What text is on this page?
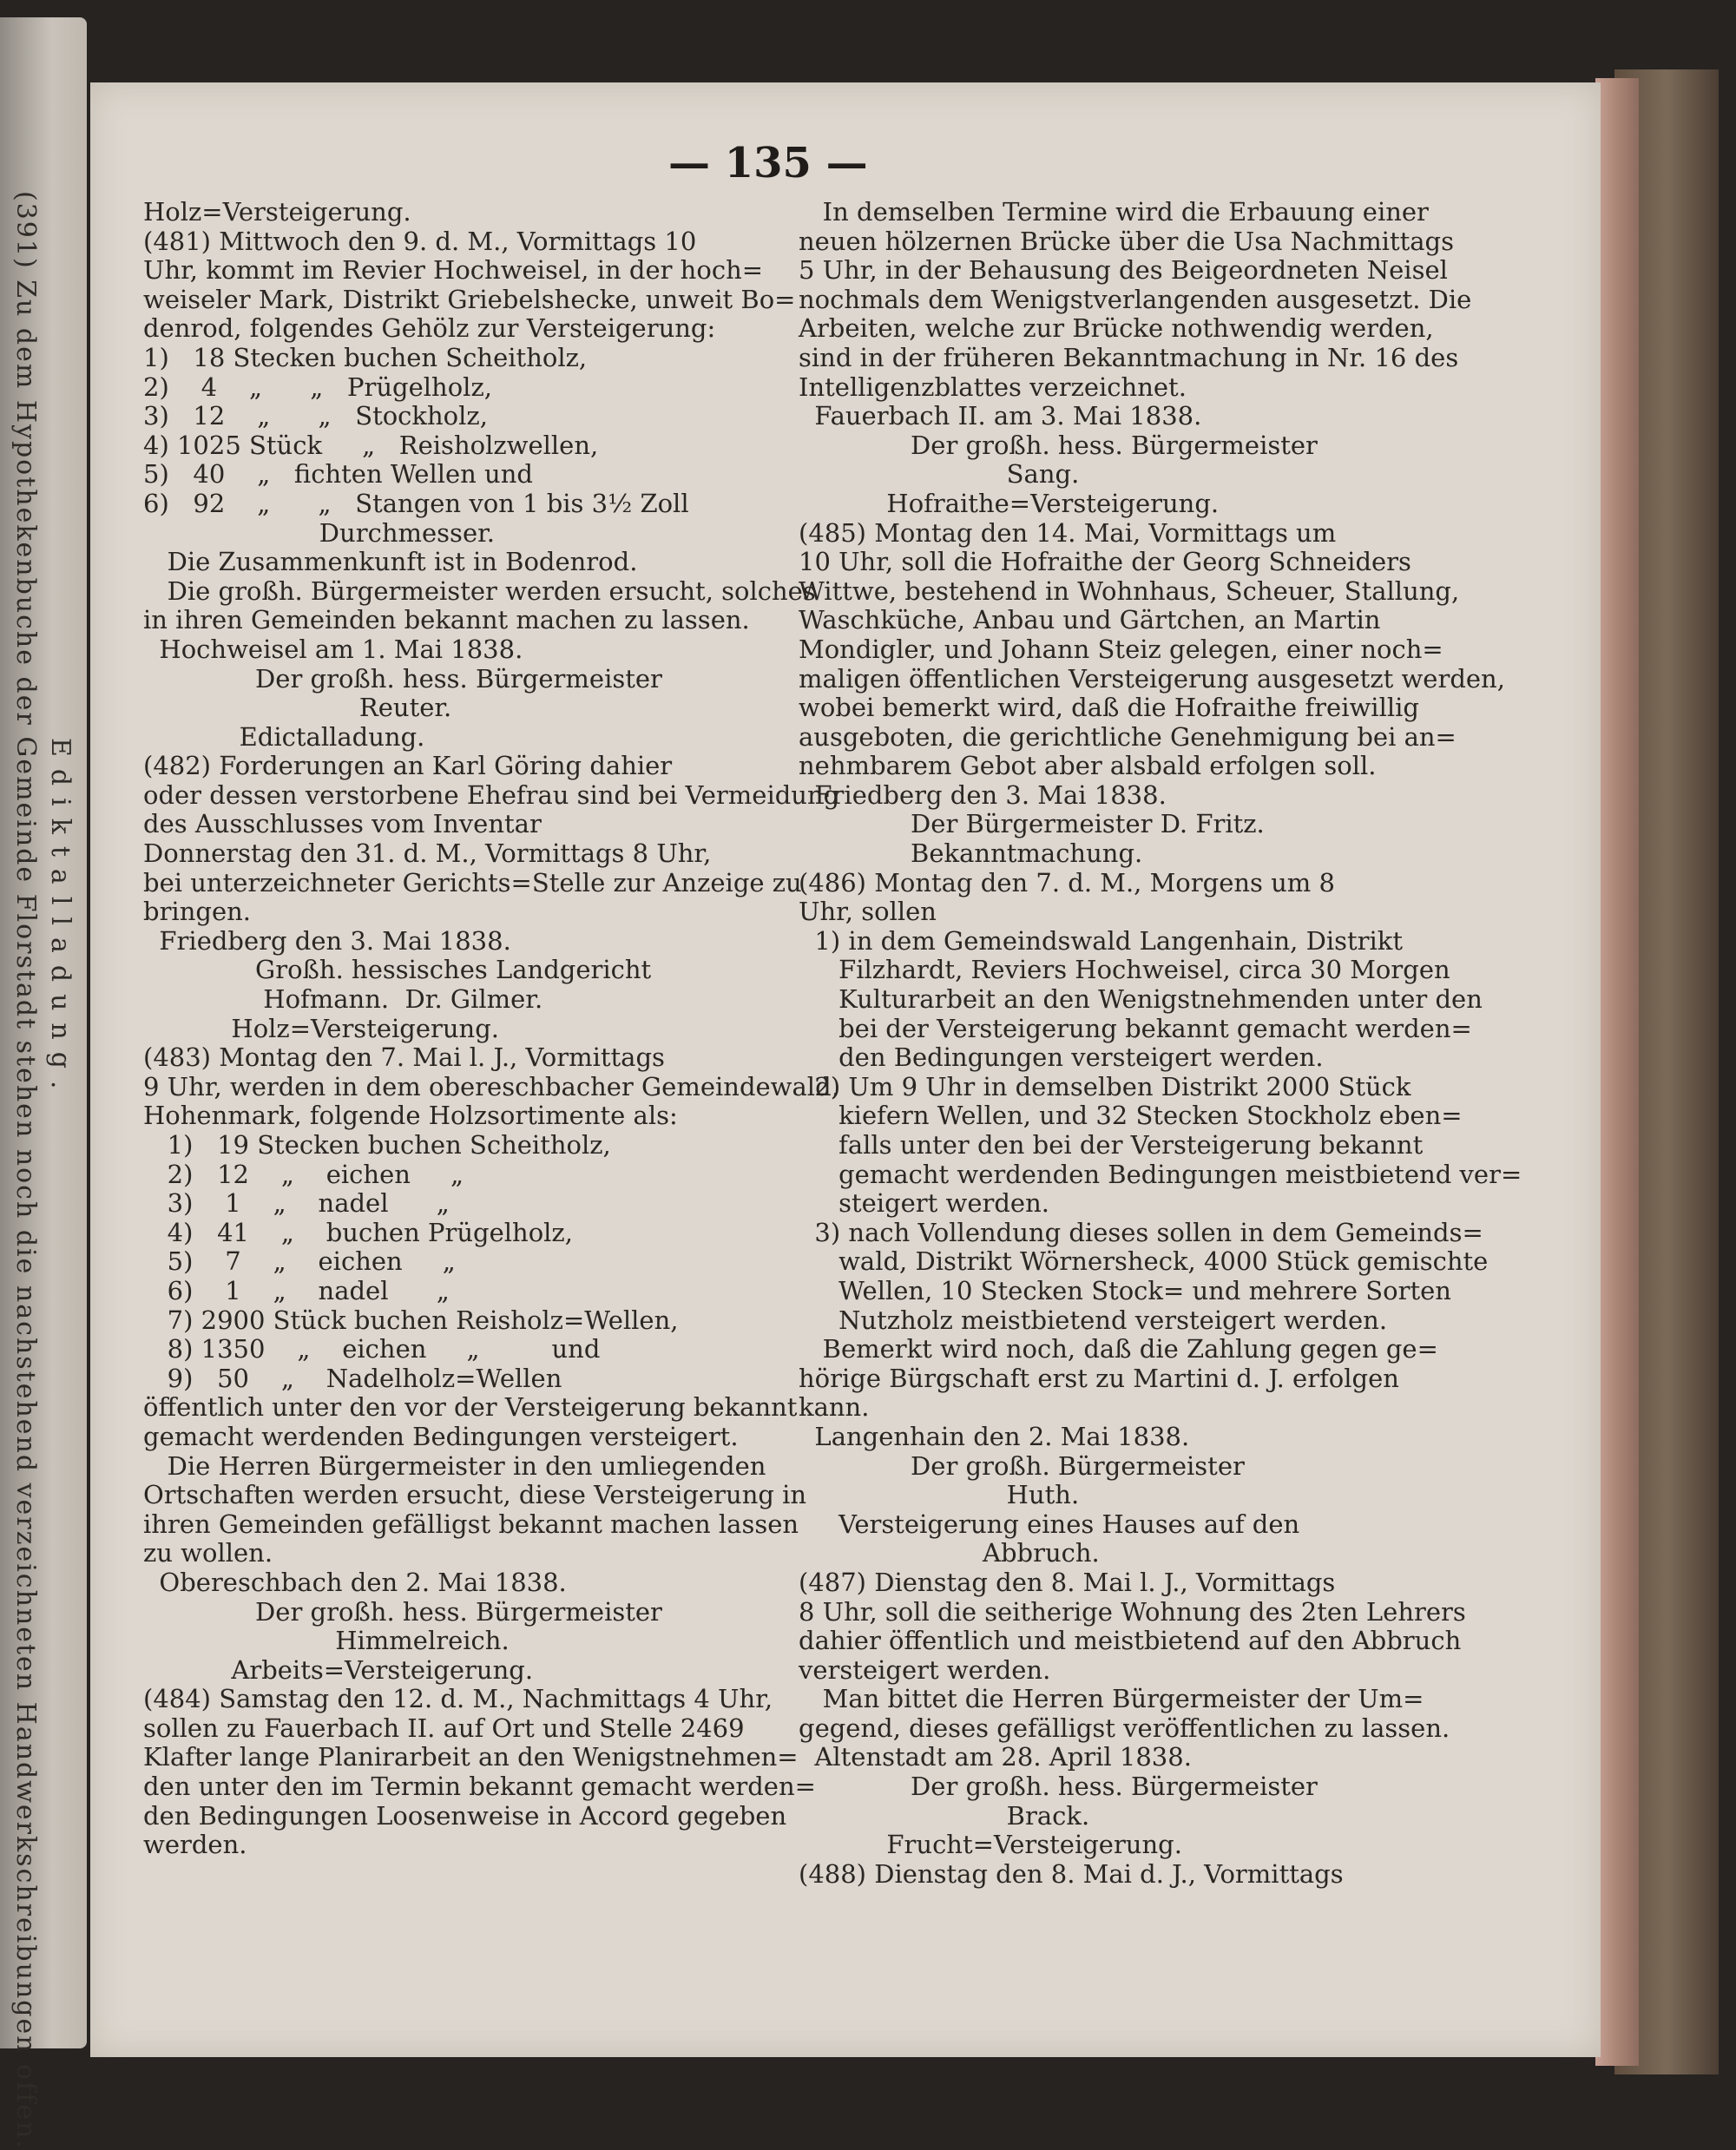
(391) Zu dem Hypothekenbuche der Gemeinde Florstadt stehen noch die nachstehend verzeichneten Handwerkschreibungen offen. Ediktalladung.
— 135 —

Holz=Versteigerung.

(481) Mittwoch den 9. d. M., Vormittags 10

Uhr, kommt im Revier Hochweisel, in der hoch=

weiseler Mark, Distrikt Griebelshecke, unweit Bo=

denrod, folgendes Gehölz zur Versteigerung:

1)   18 Stecken buchen Scheitholz,

2)    4    „      „   Prügelholz,

3)   12    „      „   Stockholz,

4) 1025 Stück     „   Reisholzwellen,

5)   40    „   fichten Wellen und

6)   92    „      „   Stangen von 1 bis 3½ Zoll

Durchmesser.

Die Zusammenkunft ist in Bodenrod.

Die großh. Bürgermeister werden ersucht, solches

in ihren Gemeinden bekannt machen zu lassen.

Hochweisel am 1. Mai 1838.

Der großh. hess. Bürgermeister

Reuter.

Edictalladung.

(482) Forderungen an Karl Göring dahier

oder dessen verstorbene Ehefrau sind bei Vermeidung

des Ausschlusses vom Inventar

Donnerstag den 31. d. M., Vormittags 8 Uhr,

bei unterzeichneter Gerichts=Stelle zur Anzeige zu

bringen.

Friedberg den 3. Mai 1838.

Großh. hessisches Landgericht

Hofmann.  Dr. Gilmer.

Holz=Versteigerung.

(483) Montag den 7. Mai l. J., Vormittags

9 Uhr, werden in dem obereschbacher Gemeindewald,

Hohenmark, folgende Holzsortimente als:

1)   19 Stecken buchen Scheitholz,

2)   12    „    eichen     „

3)    1    „    nadel      „

4)   41    „    buchen Prügelholz,

5)    7    „    eichen     „

6)    1    „    nadel      „

7) 2900 Stück buchen Reisholz=Wellen,

8) 1350    „    eichen     „         und

9)   50    „    Nadelholz=Wellen

öffentlich unter den vor der Versteigerung bekannt

gemacht werdenden Bedingungen versteigert.

Die Herren Bürgermeister in den umliegenden

Ortschaften werden ersucht, diese Versteigerung in

ihren Gemeinden gefälligst bekannt machen lassen

zu wollen.

Obereschbach den 2. Mai 1838.

Der großh. hess. Bürgermeister

Himmelreich.

Arbeits=Versteigerung.

(484) Samstag den 12. d. M., Nachmittags 4 Uhr,

sollen zu Fauerbach II. auf Ort und Stelle 2469

Klafter lange Planirarbeit an den Wenigstnehmen=

den unter den im Termin bekannt gemacht werden=

den Bedingungen Loosenweise in Accord gegeben

werden.

In demselben Termine wird die Erbauung einer

neuen hölzernen Brücke über die Usa Nachmittags

5 Uhr, in der Behausung des Beigeordneten Neisel

nochmals dem Wenigstverlangenden ausgesetzt. Die

Arbeiten, welche zur Brücke nothwendig werden,

sind in der früheren Bekanntmachung in Nr. 16 des

Intelligenzblattes verzeichnet.

Fauerbach II. am 3. Mai 1838.

Der großh. hess. Bürgermeister

Sang.

Hofraithe=Versteigerung.

(485) Montag den 14. Mai, Vormittags um

10 Uhr, soll die Hofraithe der Georg Schneiders

Wittwe, bestehend in Wohnhaus, Scheuer, Stallung,

Waschküche, Anbau und Gärtchen, an Martin

Mondigler, und Johann Steiz gelegen, einer noch=

maligen öffentlichen Versteigerung ausgesetzt werden,

wobei bemerkt wird, daß die Hofraithe freiwillig

ausgeboten, die gerichtliche Genehmigung bei an=

nehmbarem Gebot aber alsbald erfolgen soll.

Friedberg den 3. Mai 1838.

Der Bürgermeister D. Fritz.

Bekanntmachung.

(486) Montag den 7. d. M., Morgens um 8

Uhr, sollen

1) in dem Gemeindswald Langenhain, Distrikt

Filzhardt, Reviers Hochweisel, circa 30 Morgen

Kulturarbeit an den Wenigstnehmenden unter den

bei der Versteigerung bekannt gemacht werden=

den Bedingungen versteigert werden.

2) Um 9 Uhr in demselben Distrikt 2000 Stück

kiefern Wellen, und 32 Stecken Stockholz eben=

falls unter den bei der Versteigerung bekannt

gemacht werdenden Bedingungen meistbietend ver=

steigert werden.

3) nach Vollendung dieses sollen in dem Gemeinds=

wald, Distrikt Wörnersheck, 4000 Stück gemischte

Wellen, 10 Stecken Stock= und mehrere Sorten

Nutzholz meistbietend versteigert werden.

Bemerkt wird noch, daß die Zahlung gegen ge=

hörige Bürgschaft erst zu Martini d. J. erfolgen

kann.

Langenhain den 2. Mai 1838.

Der großh. Bürgermeister

Huth.

Versteigerung eines Hauses auf den

Abbruch.

(487) Dienstag den 8. Mai l. J., Vormittags

8 Uhr, soll die seitherige Wohnung des 2ten Lehrers

dahier öffentlich und meistbietend auf den Abbruch

versteigert werden.

Man bittet die Herren Bürgermeister der Um=

gegend, dieses gefälligst veröffentlichen zu lassen.

Altenstadt am 28. April 1838.

Der großh. hess. Bürgermeister

Brack.

Frucht=Versteigerung.

(488) Dienstag den 8. Mai d. J., Vormittags
